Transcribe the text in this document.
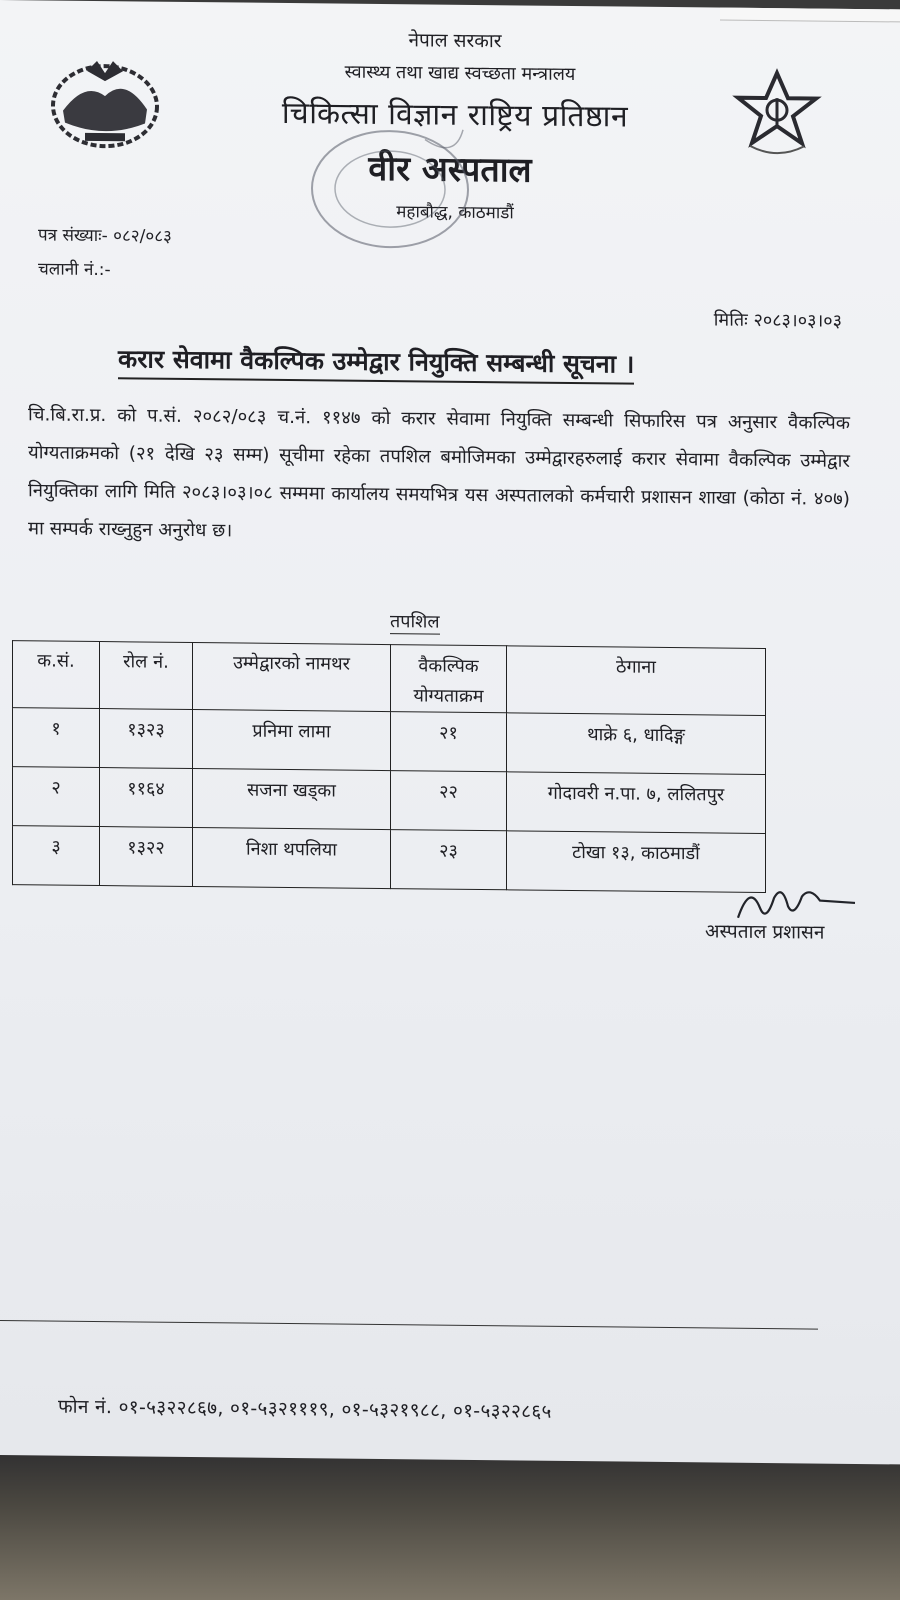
नेपाल सरकार
स्वास्थ्य तथा खाद्य स्वच्छता मन्त्रालय
चिकित्सा विज्ञान राष्ट्रिय प्रतिष्ठान
वीर अस्पताल
महाबौद्ध, काठमाडौं
पत्र संख्याः- ०८२/०८३
चलानी नं.:-
मितिः २०८३।०३।०३
करार सेवामा वैकल्पिक उम्मेद्वार नियुक्ति सम्बन्धी सूचना ।
चि.बि.रा.प्र. को प.सं. २०८२/०८३ च.नं. ११४७ को करार सेवामा नियुक्ति सम्बन्धी सिफारिस पत्र अनुसार वैकल्पिक योग्यताक्रमको (२१ देखि २३ सम्म) सूचीमा रहेका तपशिल बमोजिमका उम्मेद्वारहरुलाई करार सेवामा वैकल्पिक उम्मेद्वार नियुक्तिका लागि मिति २०८३।०३।०८ सम्ममा कार्यालय समयभित्र यस अस्पतालको कर्मचारी प्रशासन शाखा (कोठा नं. ४०७) मा सम्पर्क राख्नुहुन अनुरोध छ।
तपशिल
क.सं.	रोल नं.	उम्मेद्वारको नामथर	वैकल्पिक योग्यताक्रम	ठेगाना
१	१३२३	प्रनिमा लामा	२१	थाक्रे ६, धादिङ्ग
२	११६४	सजना खड्का	२२	गोदावरी न.पा. ७, ललितपुर
३	१३२२	निशा थपलिया	२३	टोखा १३, काठमाडौं
अस्पताल प्रशासन
फोन नं. ०१-५३२२८६७, ०१-५३२१११९, ०१-५३२१९८८, ०१-५३२२८६५
